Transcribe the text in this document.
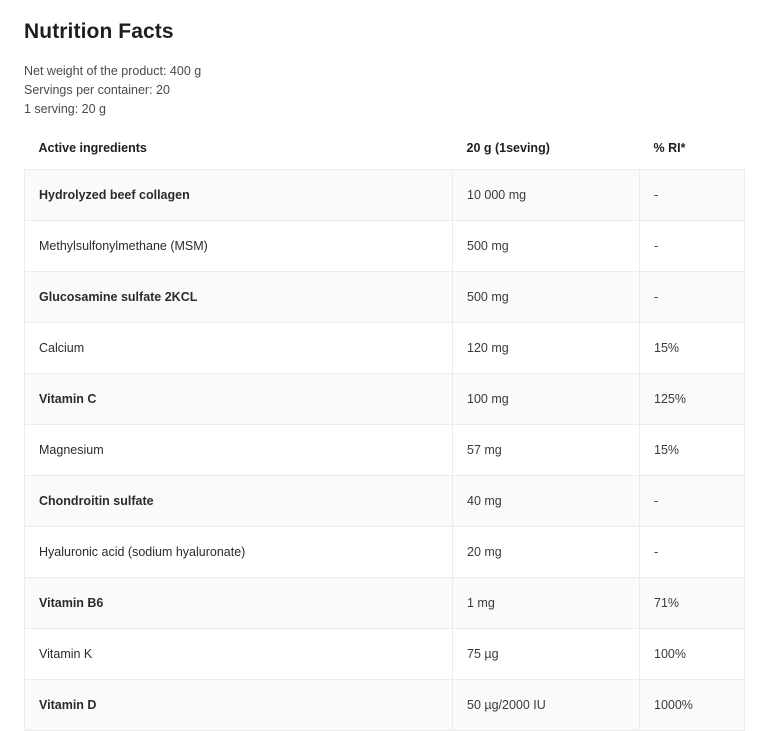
Nutrition Facts
Net weight of the product: 400 g
Servings per container: 20
1 serving: 20 g
Active ingredients	20 g (1seving)	% RI*
Hydrolyzed beef collagen	10 000 mg	-
Methylsulfonylmethane (MSM)	500 mg	-
Glucosamine sulfate 2KCL	500 mg	-
Calcium	120 mg	15%
Vitamin C	100 mg	125%
Magnesium	57 mg	15%
Chondroitin sulfate	40 mg	-
Hyaluronic acid (sodium hyaluronate)	20 mg	-
Vitamin B6	1 mg	71%
Vitamin K	75 µg	100%
Vitamin D	50 µg/2000 IU	1000%
